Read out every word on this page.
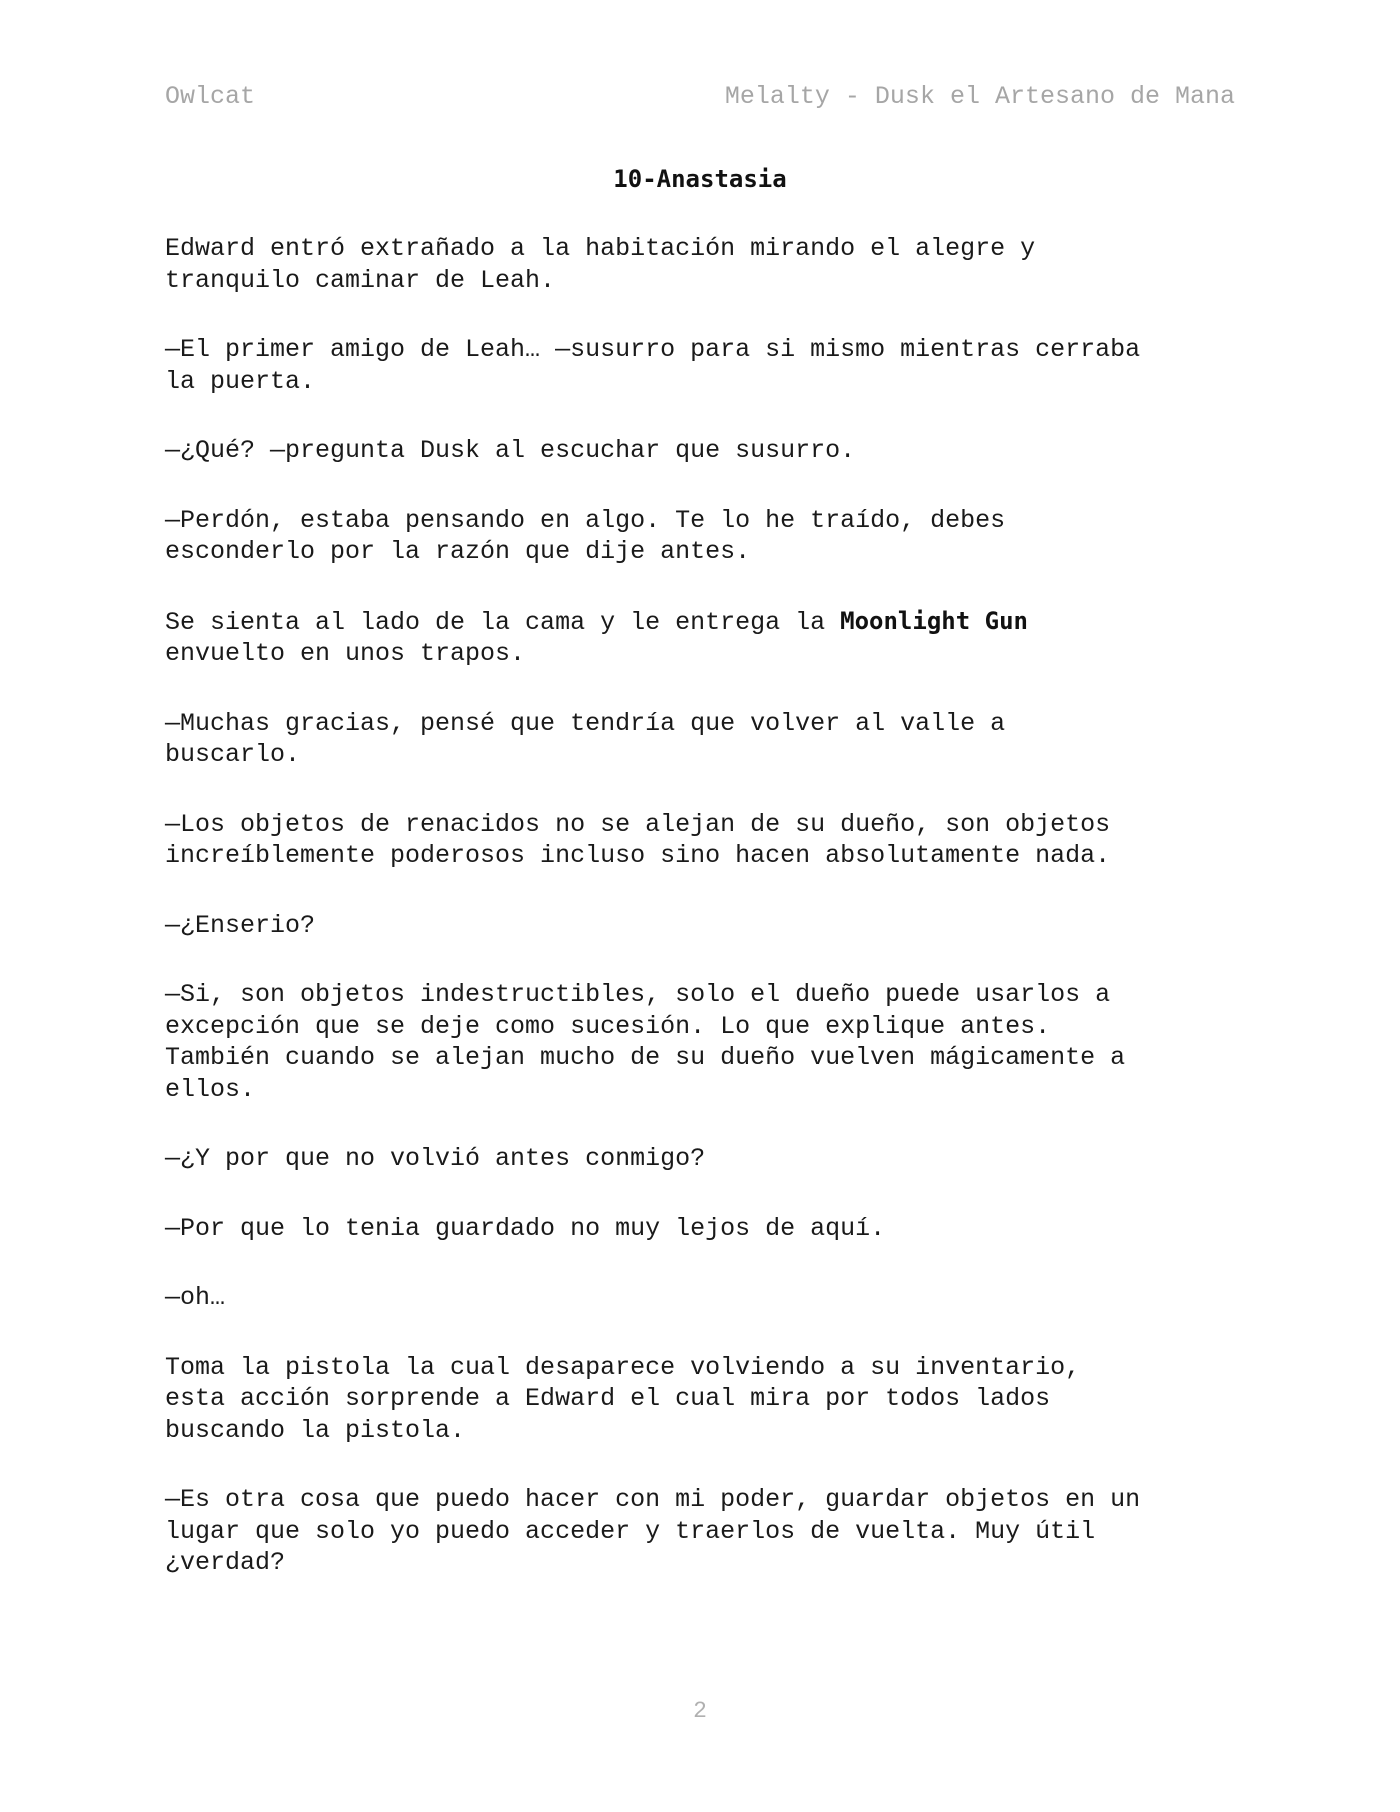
Owlcat	Melalty - Dusk el Artesano de Mana
10-Anastasia

Edward entró extrañado a la habitación mirando el alegre y
tranquilo caminar de Leah.

—El primer amigo de Leah… —susurro para si mismo mientras cerraba
la puerta.

—¿Qué? —pregunta Dusk al escuchar que susurro.

—Perdón, estaba pensando en algo. Te lo he traído, debes
esconderlo por la razón que dije antes.

Se sienta al lado de la cama y le entrega la Moonlight Gun
envuelto en unos trapos.

—Muchas gracias, pensé que tendría que volver al valle a
buscarlo.

—Los objetos de renacidos no se alejan de su dueño, son objetos
increíblemente poderosos incluso sino hacen absolutamente nada.

—¿Enserio?

—Si, son objetos indestructibles, solo el dueño puede usarlos a
excepción que se deje como sucesión. Lo que explique antes.
También cuando se alejan mucho de su dueño vuelven mágicamente a
ellos.

—¿Y por que no volvió antes conmigo?

—Por que lo tenia guardado no muy lejos de aquí.

—oh…

Toma la pistola la cual desaparece volviendo a su inventario,
esta acción sorprende a Edward el cual mira por todos lados
buscando la pistola.

—Es otra cosa que puedo hacer con mi poder, guardar objetos en un
lugar que solo yo puedo acceder y traerlos de vuelta. Muy útil
¿verdad?

2
